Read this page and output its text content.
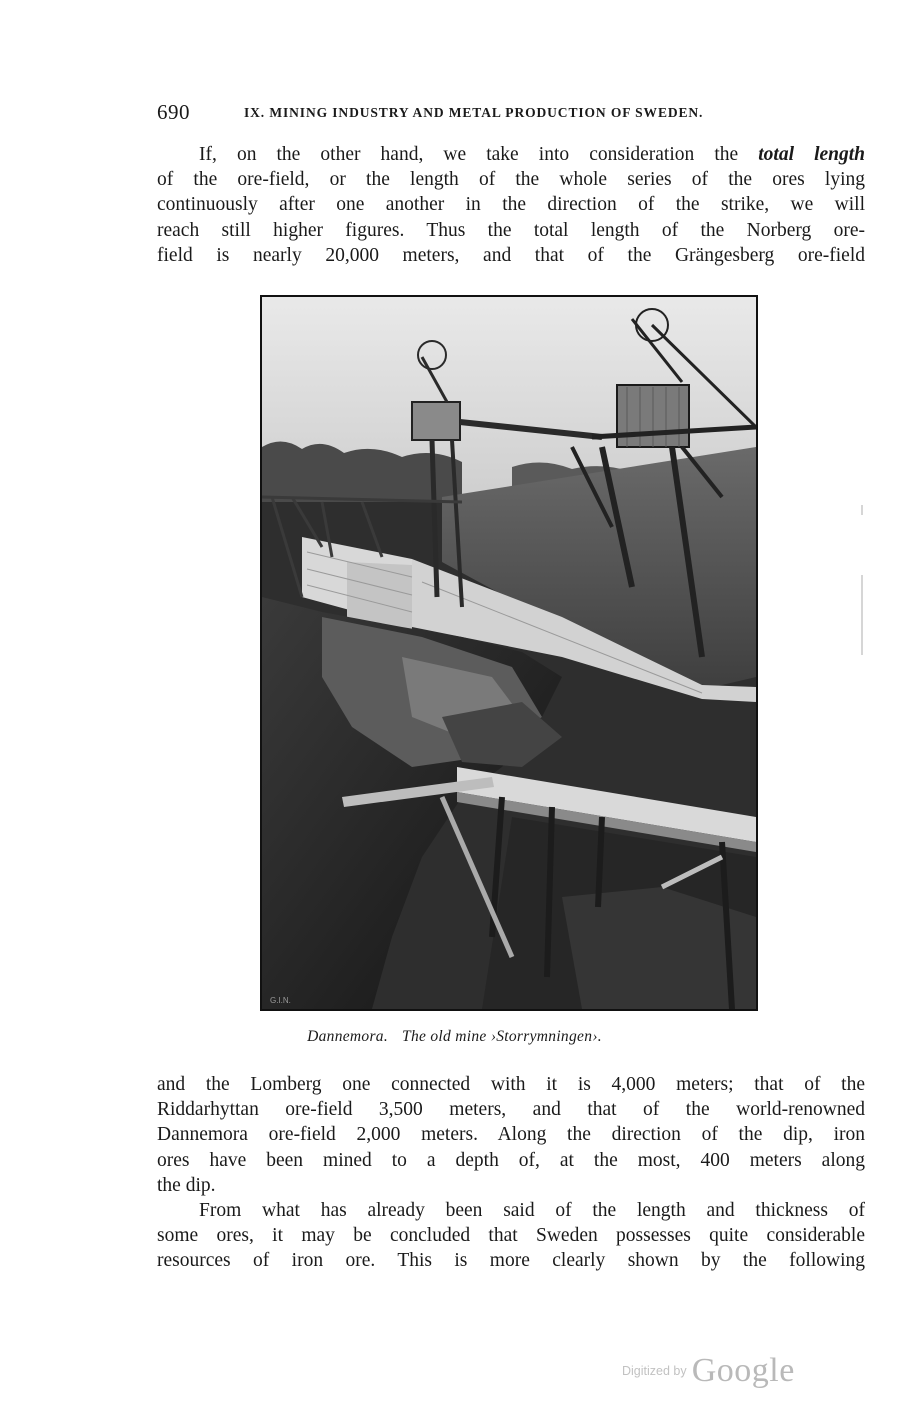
690	IX. MINING INDUSTRY AND METAL PRODUCTION OF SWEDEN.
If, on the other hand, we take into consideration the total length
of the ore-field, or the length of the whole series of the ores lying
continuously after one another in the direction of the strike, we will
reach still higher figures. Thus the total length of the Norberg ore-
field is nearly 20,000 meters, and that of the Grängesberg ore-field
G.I.N.
Dannemora. The old mine ›Storrymningen›.
and the Lomberg one connected with it is 4,000 meters; that of the
Riddarhyttan ore-field 3,500 meters, and that of the world-renowned
Dannemora ore-field 2,000 meters. Along the direction of the dip, iron
ores have been mined to a depth of, at the most, 400 meters along
the dip.
From what has already been said of the length and thickness of
some ores, it may be concluded that Sweden possesses quite considerable
resources of iron ore. This is more clearly shown by the following
$^{Digitized by}$ Google
